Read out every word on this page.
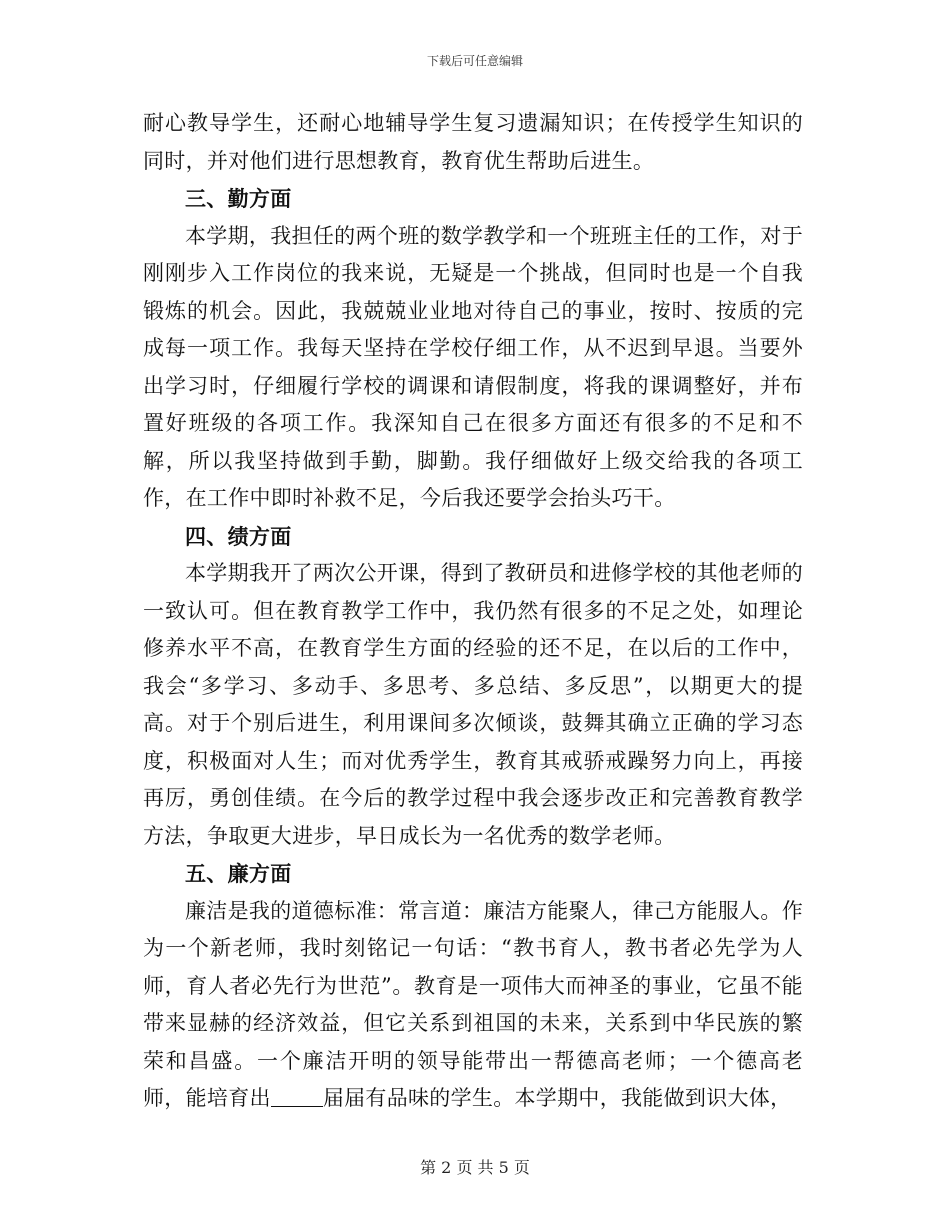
下载后可任意编辑

耐心教导学生，还耐心地辅导学生复习遗漏知识；在传授学生知识的同时，并对他们进行思想教育，教育优生帮助后进生。

三、勤方面

本学期，我担任的两个班的数学教学和一个班班主任的工作，对于刚刚步入工作岗位的我来说，无疑是一个挑战，但同时也是一个自我锻炼的机会。因此，我兢兢业业地对待自己的事业，按时、按质的完成每一项工作。我每天坚持在学校仔细工作，从不迟到早退。当要外出学习时，仔细履行学校的调课和请假制度，将我的课调整好，并布置好班级的各项工作。我深知自己在很多方面还有很多的不足和不解，所以我坚持做到手勤，脚勤。我仔细做好上级交给我的各项工作，在工作中即时补救不足，今后我还要学会抬头巧干。

四、绩方面

本学期我开了两次公开课，得到了教研员和进修学校的其他老师的一致认可。但在教育教学工作中，我仍然有很多的不足之处，如理论修养水平不高，在教育学生方面的经验的还不足，在以后的工作中，我会“多学习、多动手、多思考、多总结、多反思”，以期更大的提高。对于个别后进生，利用课间多次倾谈，鼓舞其确立正确的学习态度，积极面对人生；而对优秀学生，教育其戒骄戒躁努力向上，再接再厉，勇创佳绩。在今后的教学过程中我会逐步改正和完善教育教学方法，争取更大进步，早日成长为一名优秀的数学老师。

五、廉方面

廉洁是我的道德标准：常言道：廉洁方能聚人，律己方能服人。作为一个新老师，我时刻铭记一句话：“教书育人，教书者必先学为人师，育人者必先行为世范”。教育是一项伟大而神圣的事业，它虽不能带来显赫的经济效益，但它关系到祖国的未来，关系到中华民族的繁荣和昌盛。一个廉洁开明的领导能带出一帮德高老师；一个德高老师，能培育出 届届有品味的学生。本学期中，我能做到识大体，

第 2 页 共 5 页
